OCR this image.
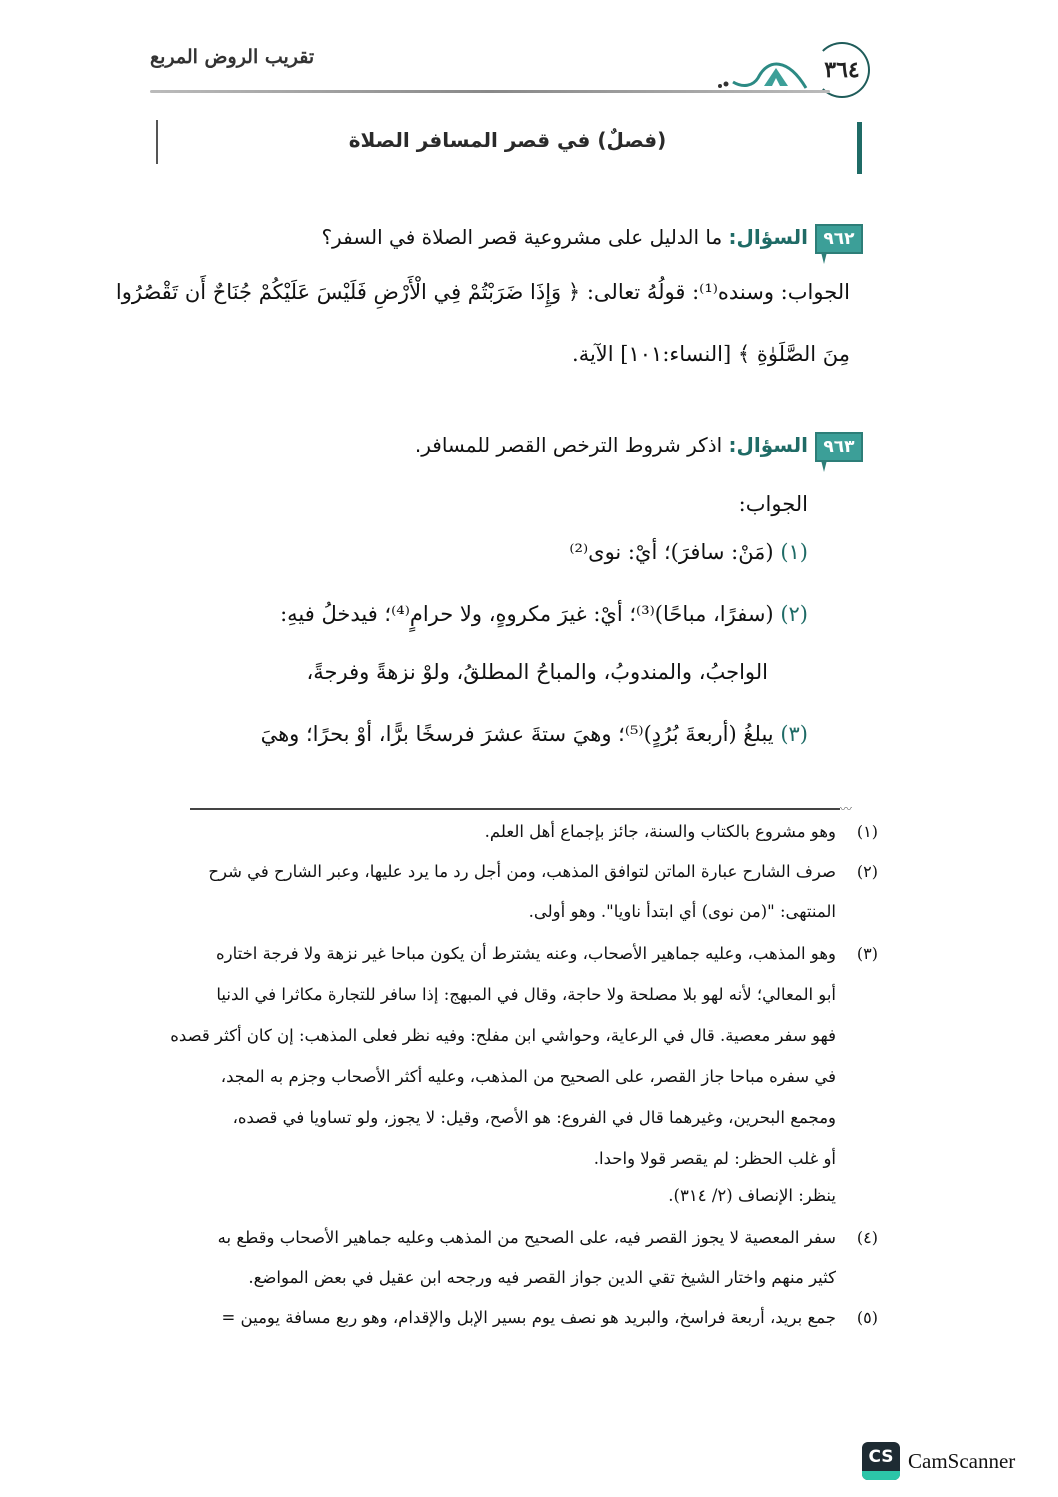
٣٦٤
تقريب الروض المربع
(فصلٌ) في قصر المسافر الصلاة
٩٦٢
السؤال: ما الدليل على مشروعية قصر الصلاة في السفر؟
الجواب: وسنده⁽¹⁾: قولُهُ تعالى: ﴿ وَإِذَا ضَرَبْتُمْ فِي الْأَرْضِ فَلَيْسَ عَلَيْكُمْ جُنَاحٌ أَن تَقْصُرُوا
مِنَ الصَّلَوٰةِ ﴾ [النساء:١٠١] الآية.
٩٦٣
السؤال: اذكر شروط الترخص القصر للمسافر.
الجواب:
(١) (مَنْ: سافرَ)؛ أيْ: نوى⁽²⁾
(٢) (سفرًا، مباحًا)⁽³⁾؛ أيْ: غيرَ مكروهٍ، ولا حرامٍ⁽⁴⁾؛ فيدخلُ فيهِ:
الواجبُ، والمندوبُ، والمباحُ المطلقُ، ولوْ نزهةً وفرجةً،
(٣) يبلغُ (أربعةَ بُرُدٍ)⁽⁵⁾؛ وهيَ ستةَ عشرَ فرسخًا برًّا، أوْ بحرًا؛ وهيَ
〰
(١)
وهو مشروع بالكتاب والسنة، جائز بإجماع أهل العلم.
(٢)
صرف الشارح عبارة الماتن لتوافق المذهب، ومن أجل رد ما يرد عليها، وعبر الشارح في شرح
المنتهى: "(من نوى) أي ابتدأ ناويا". وهو أولى.
(٣)
وهو المذهب، وعليه جماهير الأصحاب، وعنه يشترط أن يكون مباحا غير نزهة ولا فرجة اختاره
أبو المعالي؛ لأنه لهو بلا مصلحة ولا حاجة، وقال في المبهج: إذا سافر للتجارة مكاثرا في الدنيا
فهو سفر معصية. قال في الرعاية، وحواشي ابن مفلح: وفيه نظر فعلى المذهب: إن كان أكثر قصده
في سفره مباحا جاز القصر، على الصحيح من المذهب، وعليه أكثر الأصحاب وجزم به المجد،
ومجمع البحرين، وغيرهما قال في الفروع: هو الأصح، وقيل: لا يجوز، ولو تساويا في قصده،
أو غلب الحظر: لم يقصر قولا واحدا.
ينظر: الإنصاف (٢/ ٣١٤).
(٤)
سفر المعصية لا يجوز القصر فيه، على الصحيح من المذهب وعليه جماهير الأصحاب وقطع به
كثير منهم واختار الشيخ تقي الدين جواز القصر فيه ورجحه ابن عقيل في بعض المواضع.
(٥)
جمع بريد، أربعة فراسخ، والبريد هو نصف يوم بسير الإبل والإقدام، وهو ربع مسافة يومين =
CS CamScanner
